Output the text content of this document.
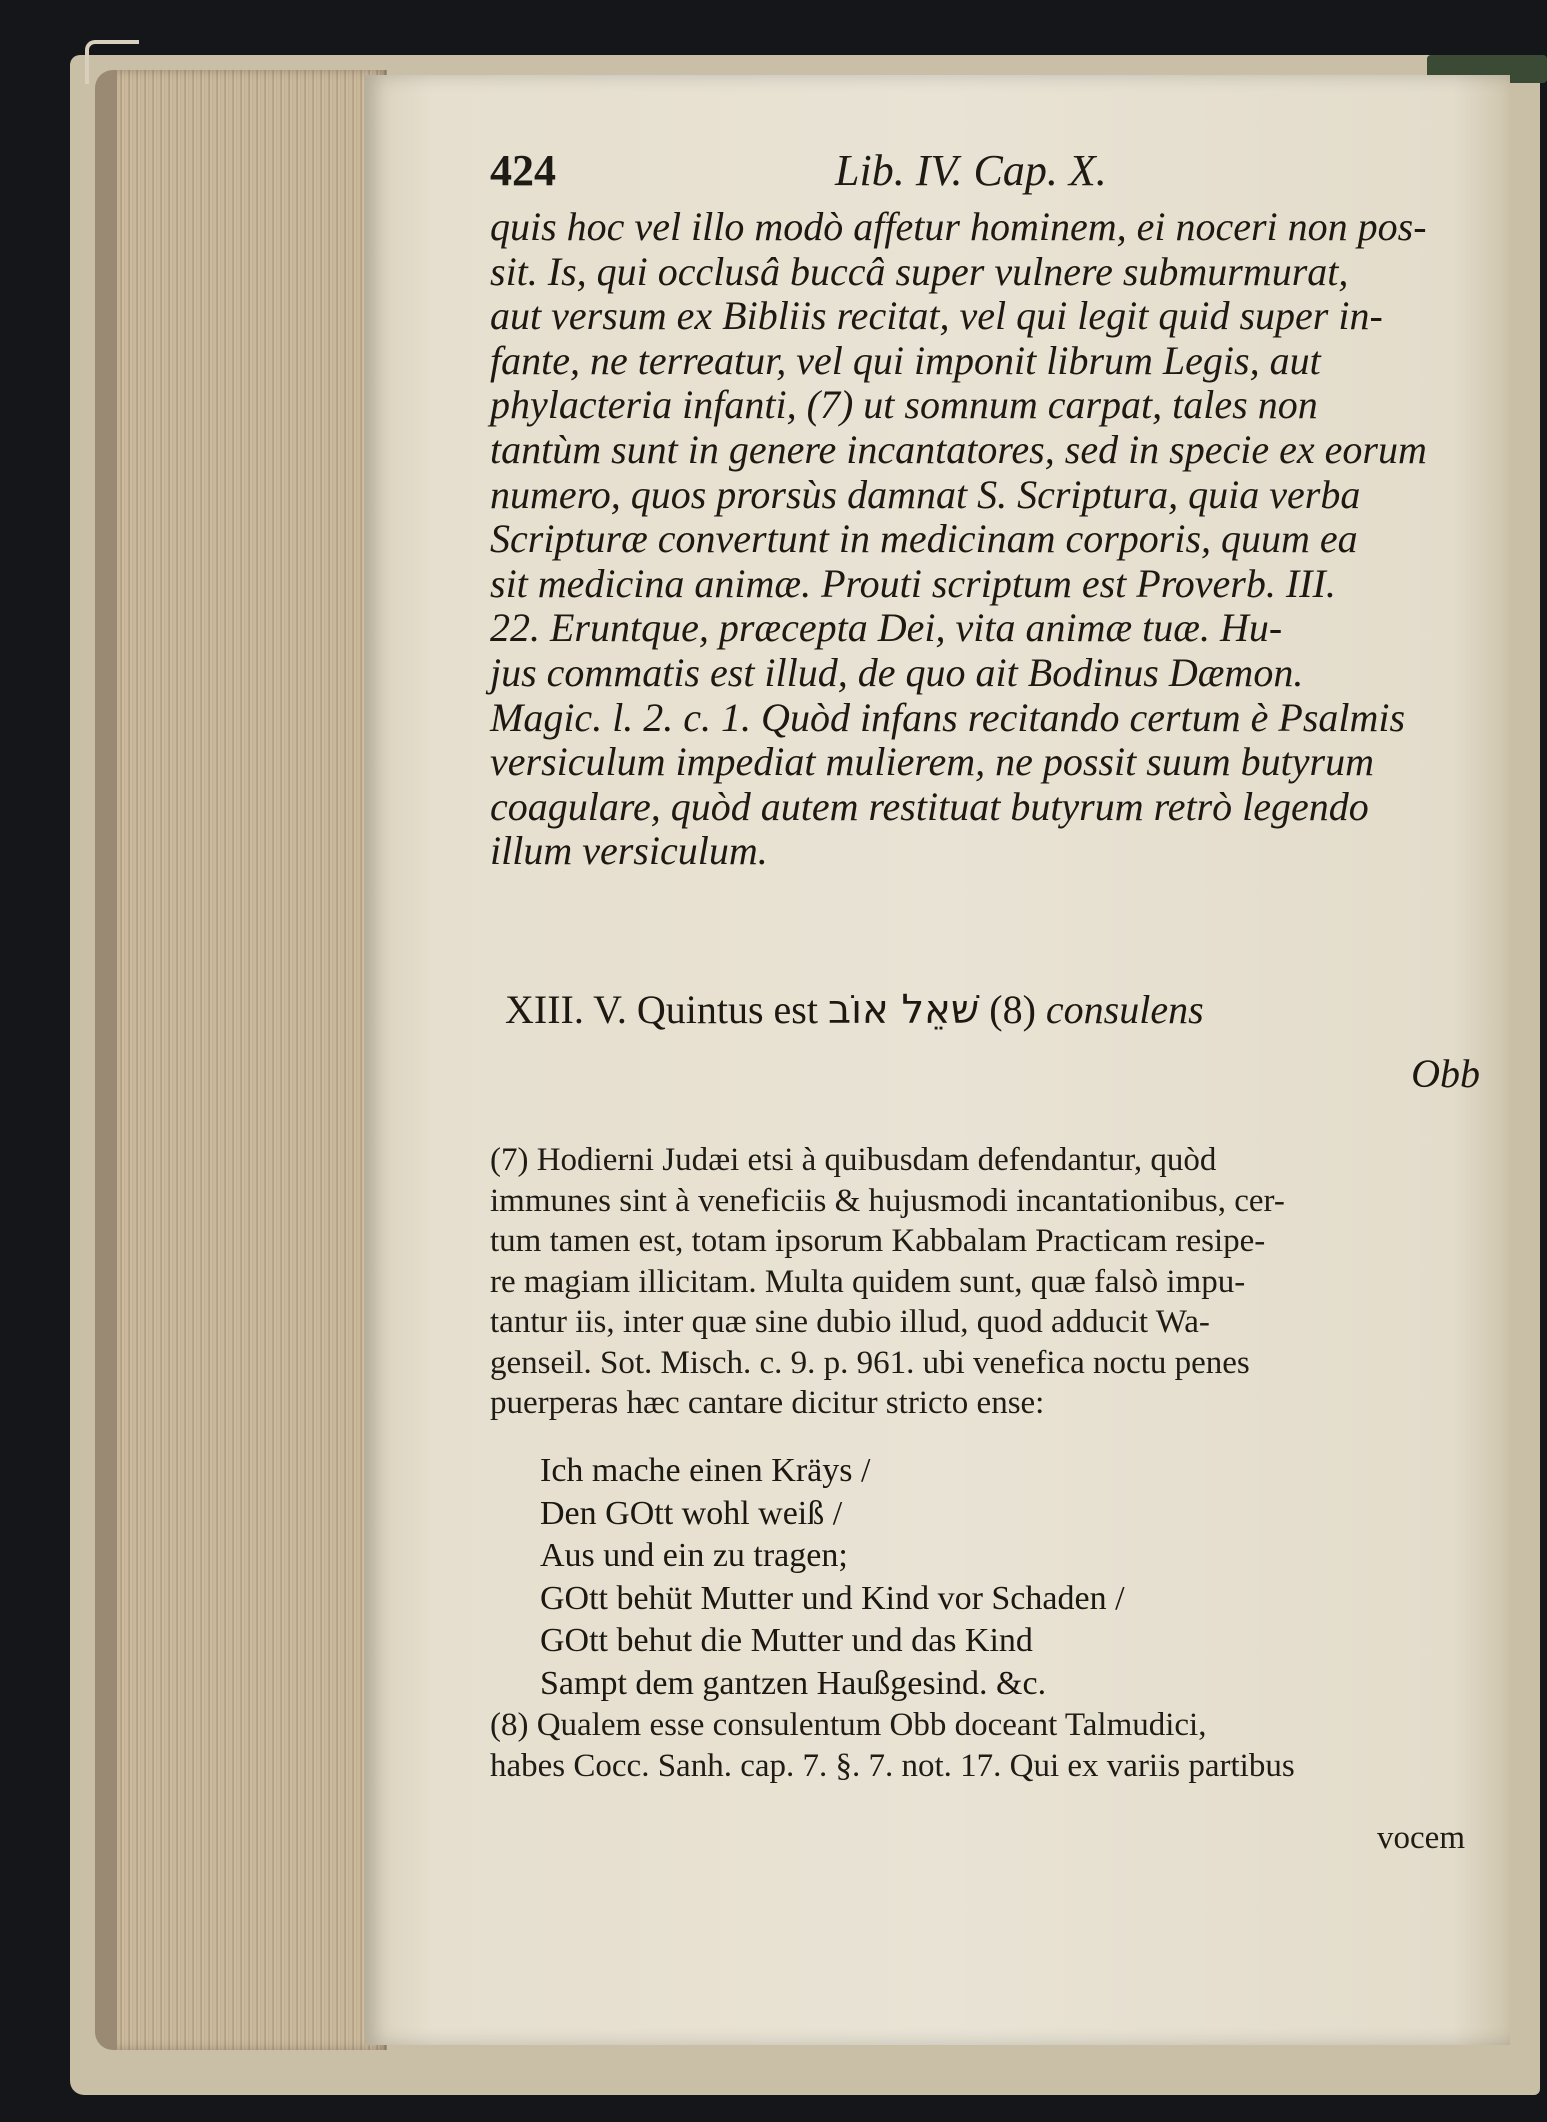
424	Lib. IV. Cap. X.
quis hoc vel illo modò affetur hominem, ei noceri non pos-
sit. Is, qui occlusâ buccâ super vulnere submurmurat,
aut versum ex Bibliis recitat, vel qui legit quid super in-
fante, ne terreatur, vel qui imponit librum Legis, aut
phylacteria infanti, (7) ut somnum carpat, tales non
tantùm sunt in genere incantatores, sed in specie ex eorum
numero, quos prorsùs damnat S. Scriptura, quia verba
Scripturæ convertunt in medicinam corporis, quum ea
sit medicina animæ. Prouti scriptum est Proverb. III.
22. Eruntque, præcepta Dei, vita animæ tuæ. Hu-
jus commatis est illud, de quo ait Bodinus Dæmon.
Magic. l. 2. c. 1. Quòd infans recitando certum è Psalmis
versiculum impediat mulierem, ne possit suum butyrum
coagulare, quòd autem restituat butyrum retrò legendo
illum versiculum.
XIII. V. Quintus est שׁאֵל אוֹב (8) consulens
Obb
(7) Hodierni Judæi etsi à quibusdam defendantur, quòd
immunes sint à veneficiis & hujusmodi incantationibus, cer-
tum tamen est, totam ipsorum Kabbalam Practicam resipe-
re magiam illicitam. Multa quidem sunt, quæ falsò impu-
tantur iis, inter quæ sine dubio illud, quod adducit Wa-
genseil. Sot. Misch. c. 9. p. 961. ubi venefica noctu penes
puerperas hæc cantare dicitur stricto ense:
Ich mache einen Kräys /
Den GOtt wohl weiß /
Aus und ein zu tragen;
GOtt behüt Mutter und Kind vor Schaden /
GOtt behut die Mutter und das Kind
Sampt dem gantzen Haußgesind. &c.
(8) Qualem esse consulentum Obb doceant Talmudici,
habes Cocc. Sanh. cap. 7. §. 7. not. 17. Qui ex variis partibus
vocem
